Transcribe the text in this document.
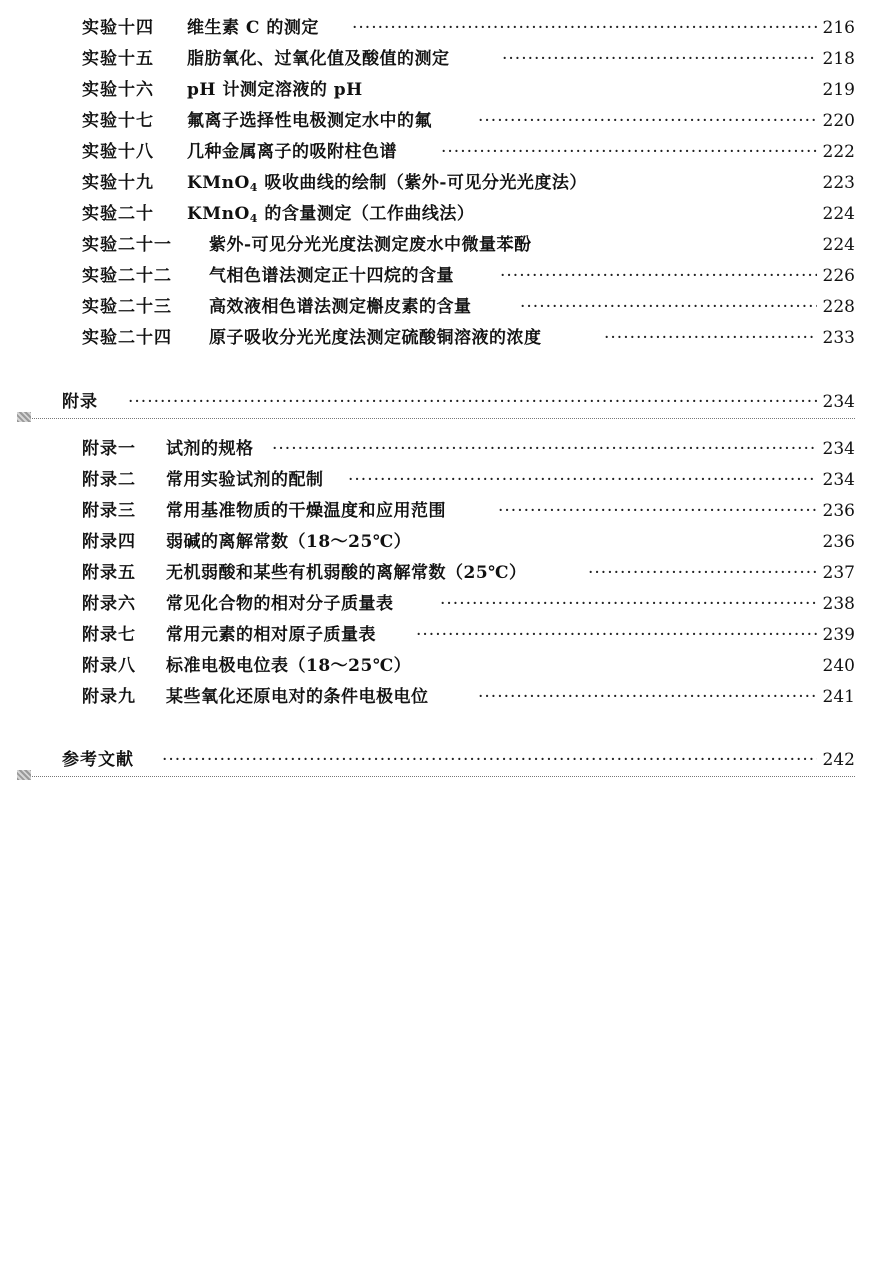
实验十四 维生素 C 的测定 ·····	216
实验十五 脂肪氧化、过氧化值及酸值的测定 ·····	218
实验十六 pH 计测定溶液的 pH	219
实验十七 氟离子选择性电极测定水中的氟 ·····	220
实验十八 几种金属离子的吸附柱色谱 ·····	222
实验十九 KMnO$_4$ 吸收曲线的绘制（紫外-可见分光光度法）	223
实验二十 KMnO$_4$ 的含量测定（工作曲线法）	224
实验二十一 紫外-可见分光光度法测定废水中微量苯酚	224
实验二十二 气相色谱法测定正十四烷的含量 ·····	226
实验二十三 高效液相色谱法测定槲皮素的含量 ·····	228
实验二十四 原子吸收分光光度法测定硫酸铜溶液的浓度 ·····	233
附录 ·····	234
附录一 试剂的规格 ·····	234
附录二 常用实验试剂的配制 ·····	234
附录三 常用基准物质的干燥温度和应用范围 ·····	236
附录四 弱碱的离解常数（18～25℃）	236
附录五 无机弱酸和某些有机弱酸的离解常数（25℃） ·····	237
附录六 常见化合物的相对分子质量表 ·····	238
附录七 常用元素的相对原子质量表 ·····	239
附录八 标准电极电位表（18～25℃）	240
附录九 某些氧化还原电对的条件电极电位 ·····	241
参考文献 ·····	242
